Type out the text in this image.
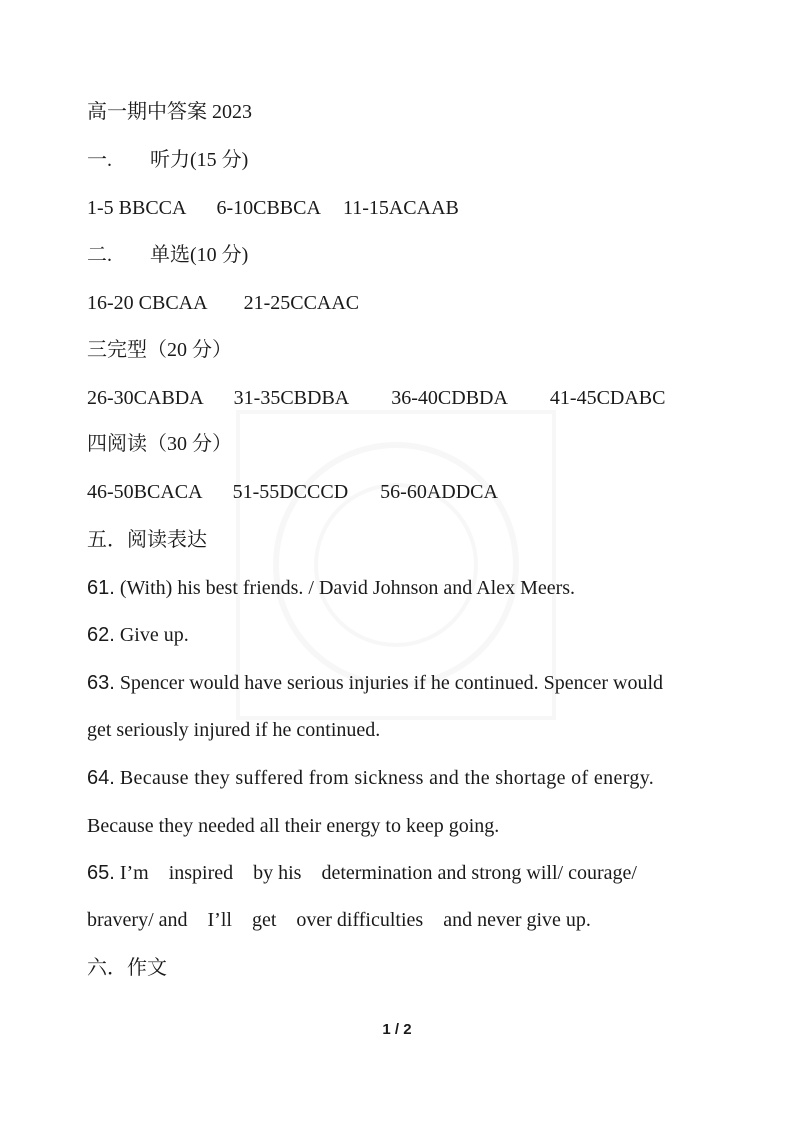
高一期中答案 2023
一. 听力(15 分)
1-5 BBCCA 6-10CBBCA 11-15ACAAB
二. 单选(10 分)
16-20 CBCAA 21-25CCAAC
三完型（20 分）
26-30CABDA 31-35CBDBA 36-40CDBDA 41-45CDABC
四阅读（30 分）
46-50BCACA 51-55DCCCD 56-60ADDCA
五．阅读表达
61. (With) his best friends. / David Johnson and Alex Meers.
62. Give up.
63. Spencer would have serious injuries if he continued. Spencer would
get seriously injured if he continued.
64. Because they suffered from sickness and the shortage of energy.
Because they needed all their energy to keep going.
65. I’m    inspired    by his    determination and strong will/ courage/
bravery/ and    I’ll    get    over difficulties    and never give up.
六．作文
1 / 2
